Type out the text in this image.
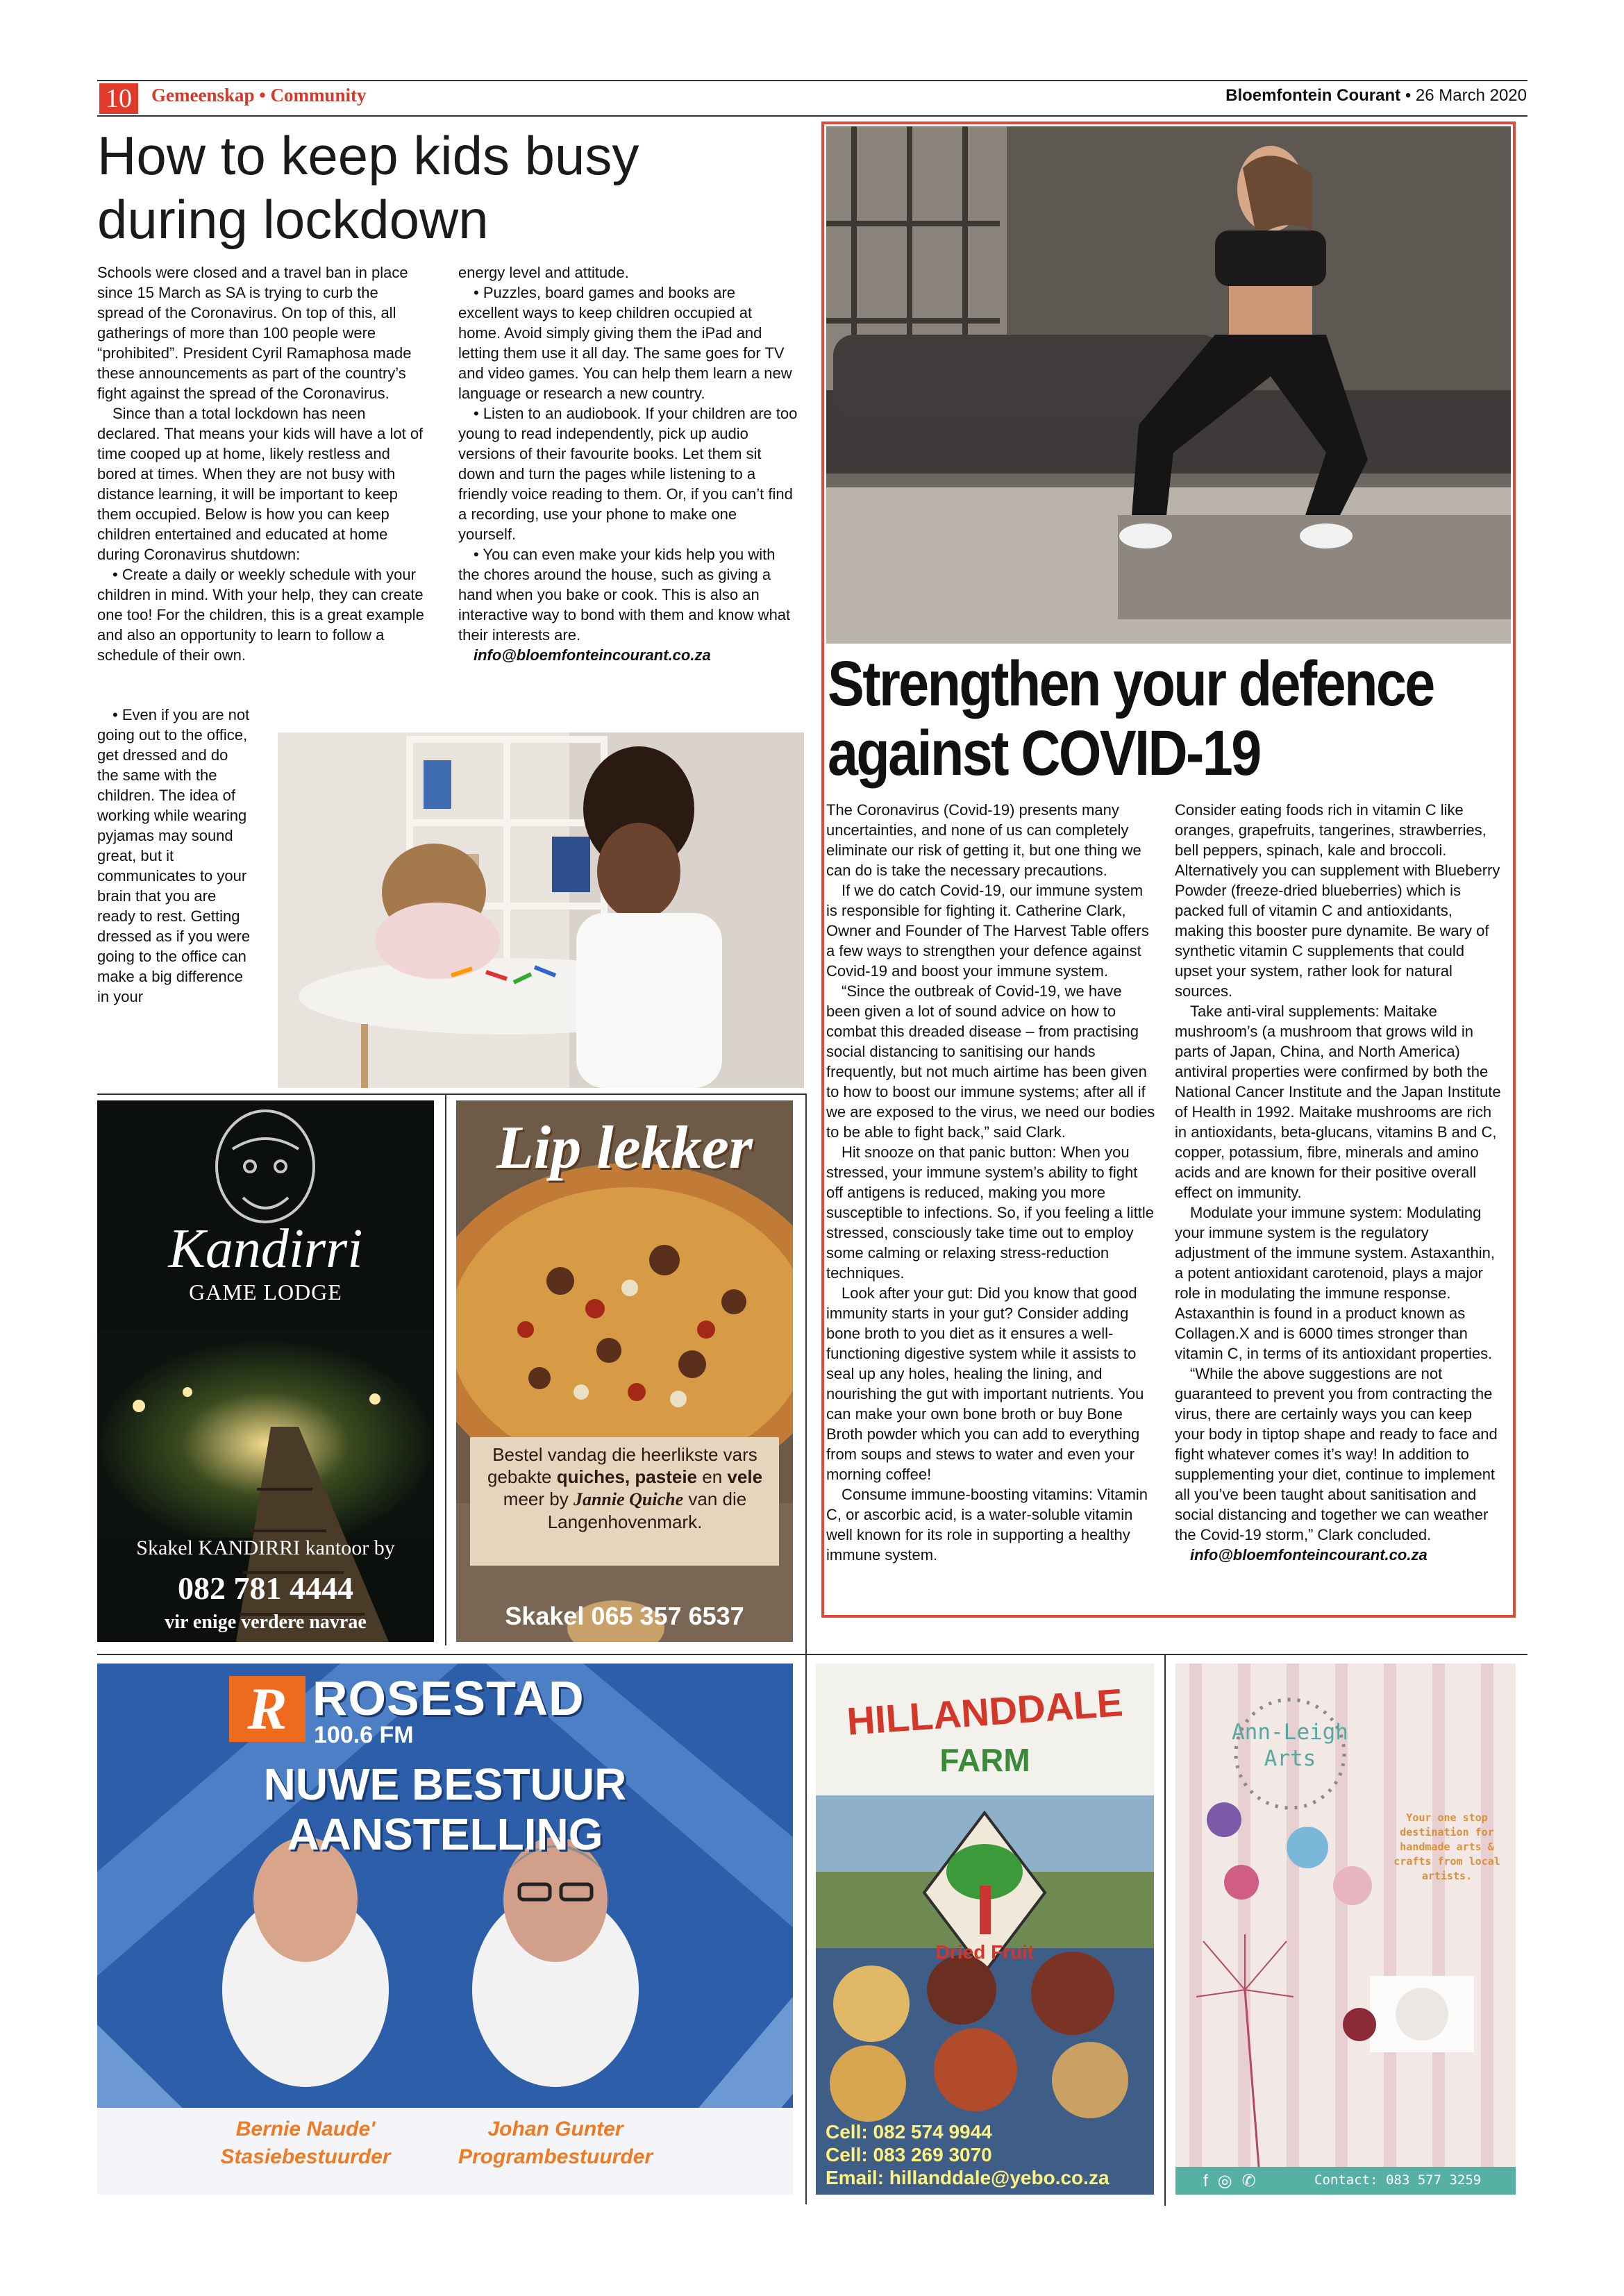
10	Gemeenskap • Community	Bloemfontein Courant • 26 March 2020
How to keep kids busy
during lockdown

Schools were closed and a travel ban in place since 15 March as SA is trying to curb the spread of the Coronavirus. On top of this, all gatherings of more than 100 people were “prohibited”. President Cyril Ramaphosa made these announcements as part of the country’s fight against the spread of the Coronavirus.

Since than a total lockdown has neen declared. That means your kids will have a lot of time cooped up at home, likely restless and bored at times. When they are not busy with distance learning, it will be important to keep them occupied. Below is how you can keep children entertained and educated at home during Coronavirus shutdown:

• Create a daily or weekly schedule with your children in mind. With your help, they can create one too! For the children, this is a great example and also an opportunity to learn to follow a schedule of their own.

• Even if you are not going out to the office, get dressed and do the same with the children. The idea of working while wearing pyjamas may sound great, but it communicates to your brain that you are ready to rest. Getting dressed as if you were going to the office can make a big difference in your

energy level and attitude.

• Puzzles, board games and books are excellent ways to keep children occupied at home. Avoid simply giving them the iPad and letting them use it all day. The same goes for TV and video games. You can help them learn a new language or research a new country.

• Listen to an audiobook. If your children are too young to read independently, pick up audio versions of their favourite books. Let them sit down and turn the pages while listening to a friendly voice reading to them. Or, if you can’t find a recording, use your phone to make one yourself.

• You can even make your kids help you with the chores around the house, such as giving a hand when you bake or cook. This is also an interactive way to bond with them and know what their interests are.

info@bloemfonteincourant.co.za	Strengthen your defence
against COVID-19

The Coronavirus (Covid-19) presents many uncertainties, and none of us can completely eliminate our risk of getting it, but one thing we can do is take the necessary precautions.

If we do catch Covid-19, our immune system is responsible for fighting it. Catherine Clark, Owner and Founder of The Harvest Table offers a few ways to strengthen your defence against Covid-19 and boost your immune system.

“Since the outbreak of Covid-19, we have been given a lot of sound advice on how to combat this dreaded disease – from practising social distancing to sanitising our hands frequently, but not much airtime has been given to how to boost our immune systems; after all if we are exposed to the virus, we need our bodies to be able to fight back,” said Clark.

Hit snooze on that panic button: When you stressed, your immune system’s ability to fight off antigens is reduced, making you more susceptible to infections. So, if you feeling a little stressed, consciously take time out to employ some calming or relaxing stress-reduction techniques.

Look after your gut: Did you know that good immunity starts in your gut? Consider adding bone broth to you diet as it ensures a well-functioning digestive system while it assists to seal up any holes, healing the lining, and nourishing the gut with important nutrients. You can make your own bone broth or buy Bone Broth powder which you can add to everything from soups and stews to water and even your morning coffee!

Consume immune-boosting vitamins: Vitamin C, or ascorbic acid, is a water-soluble vitamin well known for its role in supporting a healthy immune system.

Consider eating foods rich in vitamin C like oranges, grapefruits, tangerines, strawberries, bell peppers, spinach, kale and broccoli. Alternatively you can supplement with Blueberry Powder (freeze-dried blueberries) which is packed full of vitamin C and antioxidants, making this booster pure dynamite. Be wary of synthetic vitamin C supplements that could upset your system, rather look for natural sources.

Take anti-viral supplements: Maitake mushroom’s (a mushroom that grows wild in parts of Japan, China, and North America) antiviral properties were confirmed by both the National Cancer Institute and the Japan Institute of Health in 1992. Maitake mushrooms are rich in antioxidants, beta-glucans, vitamins B and C, copper, potassium, fibre, minerals and amino acids and are known for their positive overall effect on immunity.

Modulate your immune system: Modulating your immune system is the regulatory adjustment of the immune system. Astaxanthin, a potent antioxidant carotenoid, plays a major role in modulating the immune response. Astaxanthin is found in a product known as Collagen.X and is 6000 times stronger than vitamin C, in terms of its antioxidant properties.

“While the above suggestions are not guaranteed to prevent you from contracting the virus, there are certainly ways you can keep your body in tiptop shape and ready to face and fight whatever comes it’s way! In addition to supplementing your diet, continue to implement all you’ve been taught about sanitisation and social distancing and together we can weather the Covid-19 storm,” Clark concluded.

info@bloemfonteincourant.co.za

Kandirri
GAME LODGE
Skakel KANDIRRI kantoor by
082 781 4444
vir enige verdere navrae
Lip lekker
Bestel vandag die heerlikste vars gebakte quiches, pasteie en vele meer by Jannie Quiche van die Langenhovenmark.
Skakel 065 357 6537
R ROSESTAD
100.6 FM
NUWE BESTUUR
AANSTELLING
Bernie Naude'
Stasiebestuurder
Johan Gunter
Programbestuurder
HILLANDDALE
FARM
Dried Fruit
Cell: 082 574 9944
Cell: 083 269 3070
Email: hillanddale@yebo.co.za
Ann-Leigh
Arts
Your one stop destination for handmade arts & crafts from local artists.
f◎✆	Contact: 083 577 3259
